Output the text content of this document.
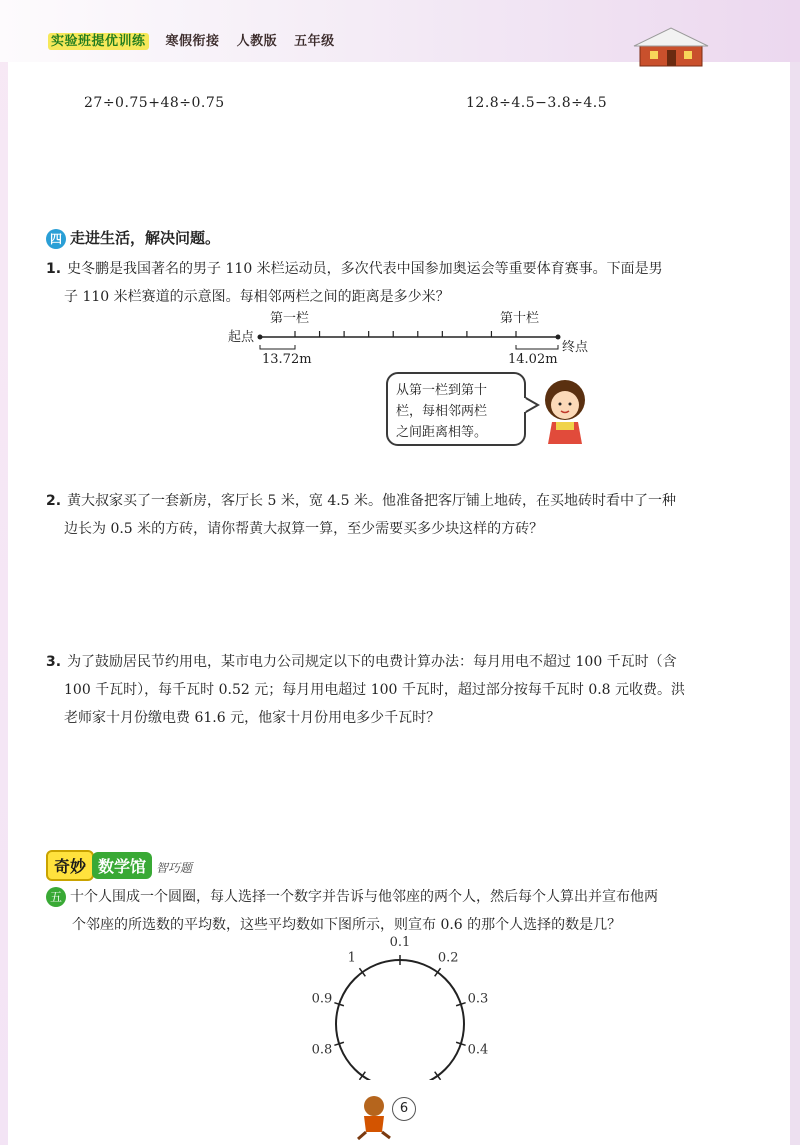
实验班提优训练 寒假衔接 人教版 五年级
27÷0.75+48÷0.75	12.8÷4.5−3.8÷4.5
四 走进生活，解决问题。
1. 史冬鹏是我国著名的男子 110 米栏运动员，多次代表中国参加奥运会等重要体育赛事。下面是男
子 110 米栏赛道的示意图。每相邻两栏之间的距离是多少米？
第一栏	第十栏
起点
终点
13.72m	14.02m
从第一栏到第十
栏，每相邻两栏
之间距离相等。
2. 黄大叔家买了一套新房，客厅长 5 米，宽 4.5 米。他准备把客厅铺上地砖，在买地砖时看中了一种
边长为 0.5 米的方砖，请你帮黄大叔算一算，至少需要买多少块这样的方砖？
3. 为了鼓励居民节约用电，某市电力公司规定以下的电费计算办法：每月用电不超过 100 千瓦时（含
100 千瓦时），每千瓦时 0.52 元；每月用电超过 100 千瓦时，超过部分按每千瓦时 0.8 元收费。洪
老师家十月份缴电费 61.6 元，他家十月份用电多少千瓦时？
奇妙 数学馆 智巧题
五 十个人围成一个圆圈，每人选择一个数字并告诉与他邻座的两个人，然后每个人算出并宣布他两
个邻座的所选数的平均数，这些平均数如下图所示，则宣布 0.6 的那个人选择的数是几？
0.1
0.2
0.3
0.4
0.8
0.9
1
6
